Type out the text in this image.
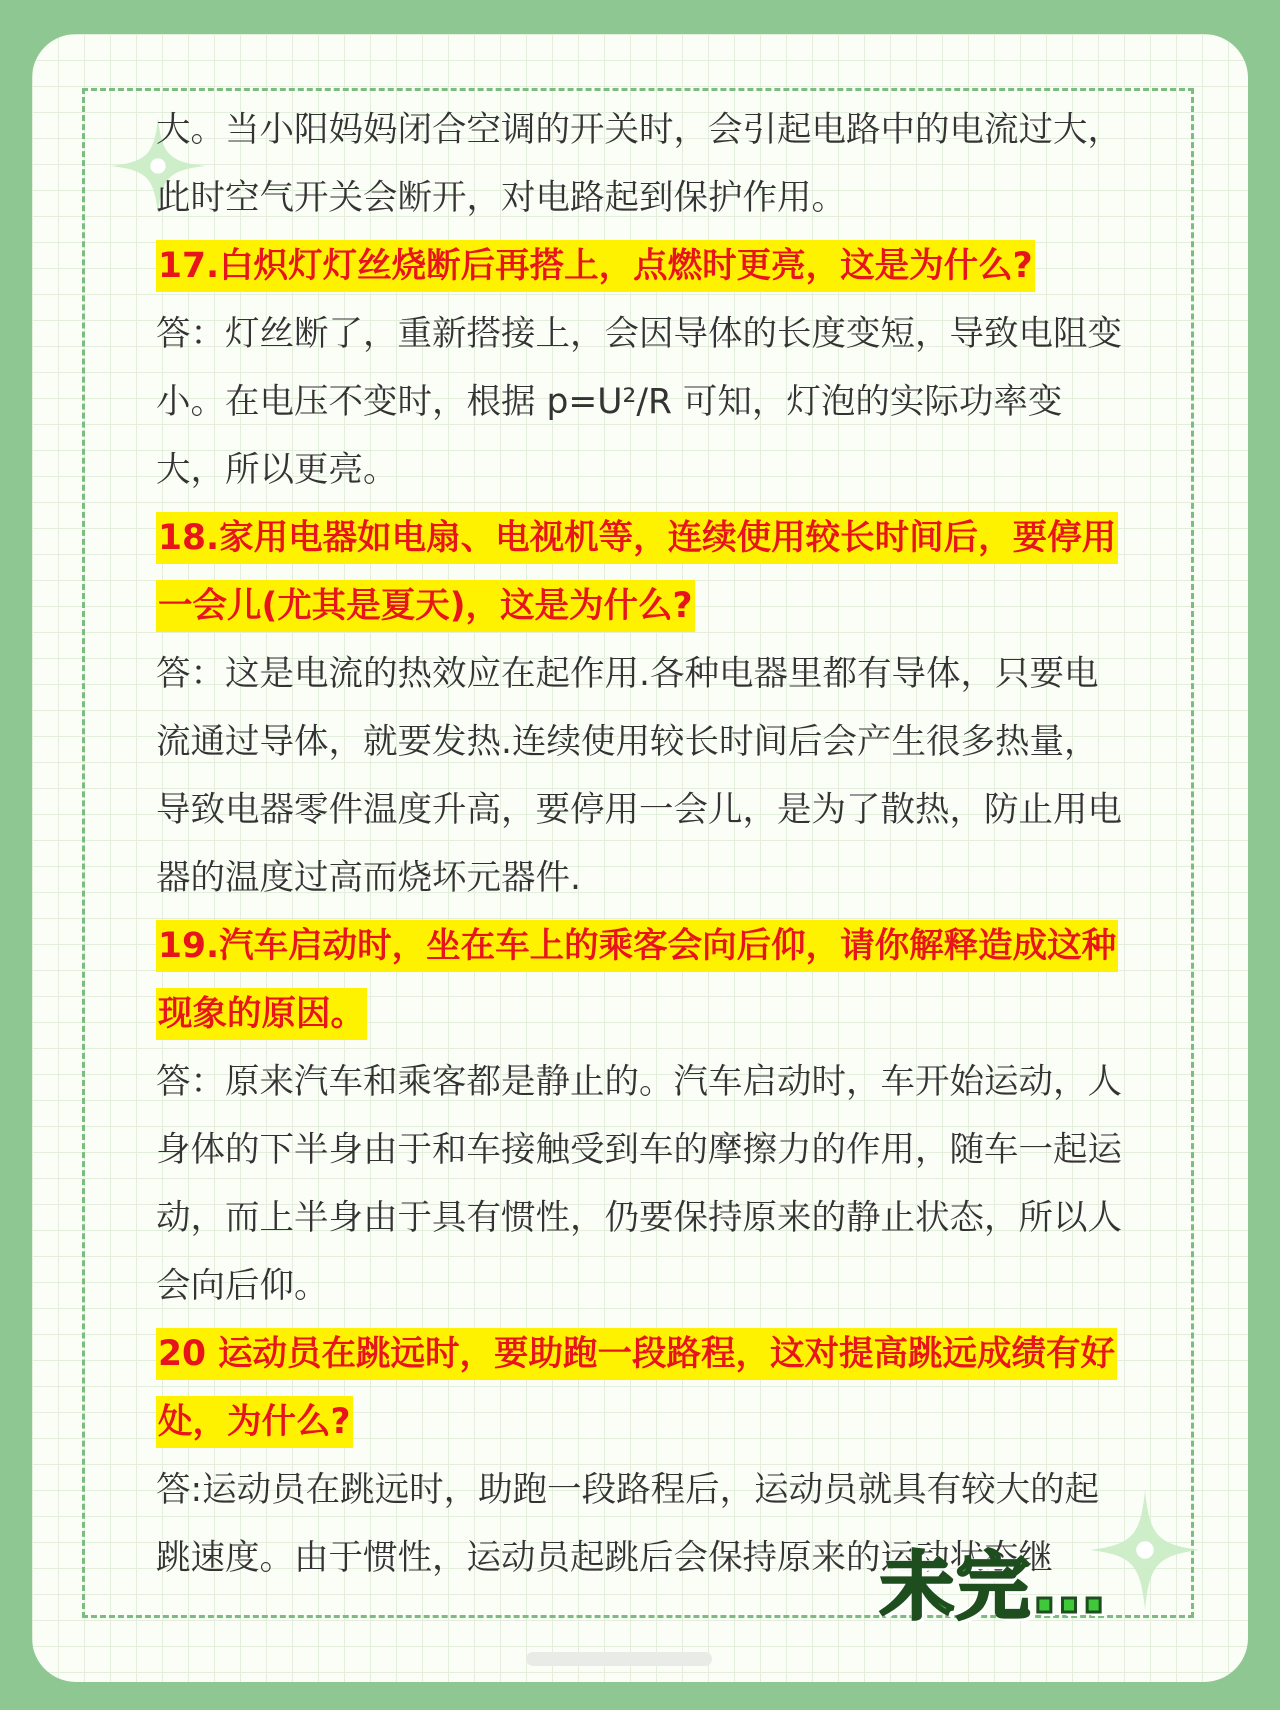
大。当小阳妈妈闭合空调的开关时，会引起电路中的电流过大，此时空气开关会断开，对电路起到保护作用。

17.白炽灯灯丝烧断后再搭上，点燃时更亮，这是为什么?

答：灯丝断了，重新搭接上，会因导体的长度变短，导致电阻变小。在电压不变时，根据 p=U²/R 可知，灯泡的实际功率变大，所以更亮。

18.家用电器如电扇、电视机等，连续使用较长时间后，要停用一会儿(尤其是夏天)，这是为什么?

答：这是电流的热效应在起作用.各种电器里都有导体，只要电流通过导体，就要发热.连续使用较长时间后会产生很多热量，导致电器零件温度升高，要停用一会儿，是为了散热，防止用电器的温度过高而烧坏元器件.

19.汽车启动时，坐在车上的乘客会向后仰，请你解释造成这种现象的原因。

答：原来汽车和乘客都是静止的。汽车启动时，车开始运动，人身体的下半身由于和车接触受到车的摩擦力的作用，随车一起运动，而上半身由于具有惯性，仍要保持原来的静止状态，所以人会向后仰。

20 运动员在跳远时，要助跑一段路程，这对提高跳远成绩有好处，为什么?

答:运动员在跳远时，助跑一段路程后，运动员就具有较大的起跳速度。由于惯性，运动员起跳后会保持原来的运动状态继

未完…
